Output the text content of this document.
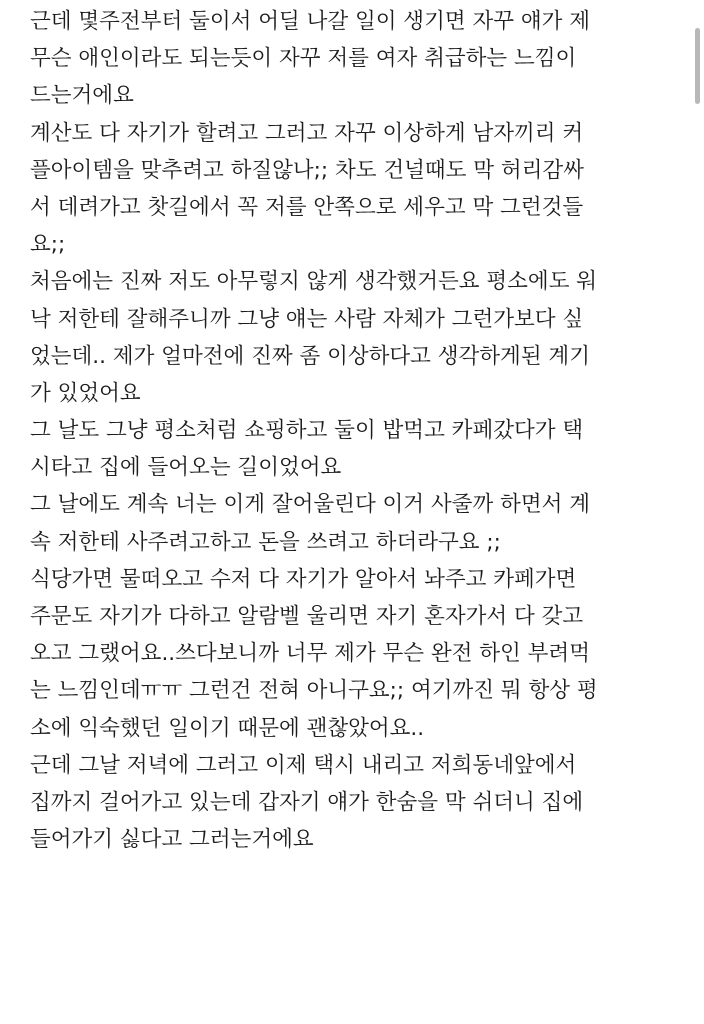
근데 몇주전부터 둘이서 어딜 나갈 일이 생기면 자꾸 얘가 제
무슨 애인이라도 되는듯이 자꾸 저를 여자 취급하는 느낌이
드는거에요
계산도 다 자기가 할려고 그러고 자꾸 이상하게 남자끼리 커
플아이템을 맞추려고 하질않나;; 차도 건널때도 막 허리감싸
서 데려가고 찻길에서 꼭 저를 안쪽으로 세우고 막 그런것들
요;;
처음에는 진짜 저도 아무렇지 않게 생각했거든요 평소에도 워
낙 저한테 잘해주니까 그냥 얘는 사람 자체가 그런가보다 싶
었는데.. 제가 얼마전에 진짜 좀 이상하다고 생각하게된 계기
가 있었어요
그 날도 그냥 평소처럼 쇼핑하고 둘이 밥먹고 카페갔다가 택
시타고 집에 들어오는 길이었어요
그 날에도 계속 너는 이게 잘어울린다 이거 사줄까 하면서 계
속 저한테 사주려고하고 돈을 쓰려고 하더라구요 ;;
식당가면 물떠오고 수저 다 자기가 알아서 놔주고 카페가면
주문도 자기가 다하고 알람벨 울리면 자기 혼자가서 다 갖고
오고 그랬어요..쓰다보니까 너무 제가 무슨 완전 하인 부려먹
는 느낌인데ㅠㅠ 그런건 전혀 아니구요;; 여기까진 뭐 항상 평
소에 익숙했던 일이기 때문에 괜찮았어요..
근데 그날 저녁에 그러고 이제 택시 내리고 저희동네앞에서
집까지 걸어가고 있는데 갑자기 얘가 한숨을 막 쉬더니 집에
들어가기 싫다고 그러는거에요
